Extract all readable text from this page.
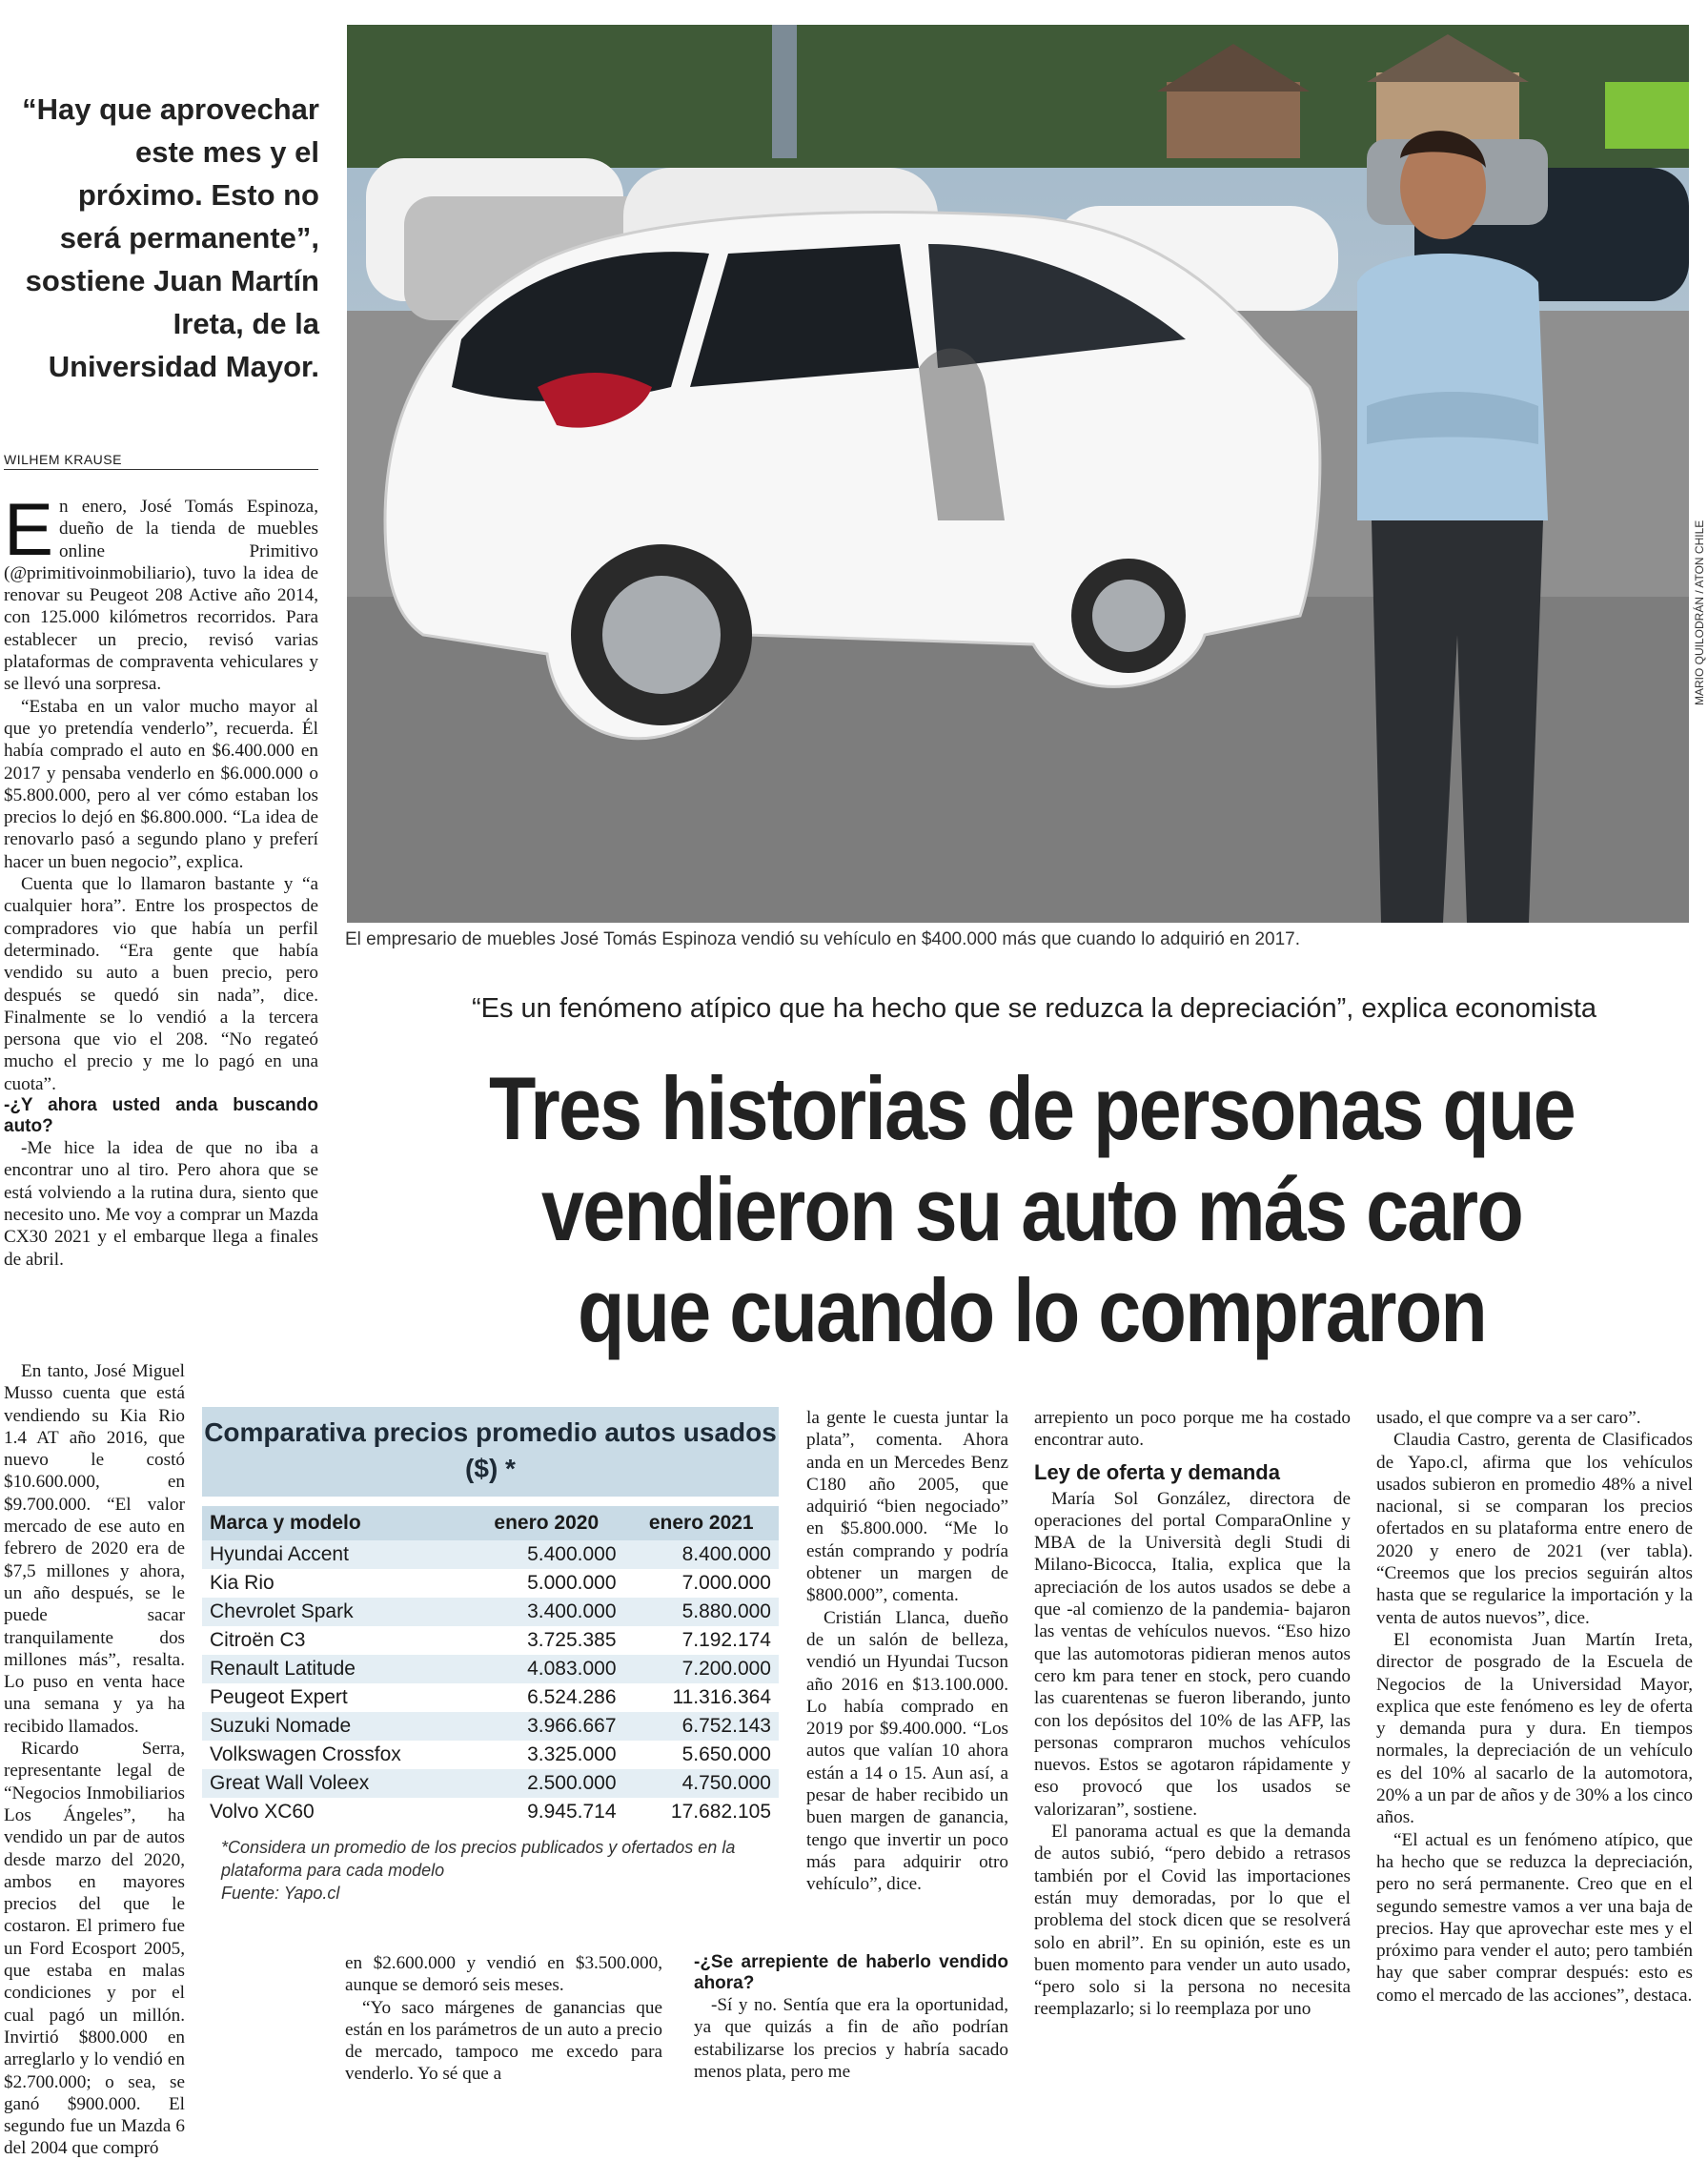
“Hay que aprovechar este mes y el próximo. Esto no será permanente”, sostiene Juan Martín Ireta, de la Universidad Mayor.
WILHEM KRAUSE
E n enero, José Tomás Espinoza, dueño de la tienda de muebles online Primitivo (@primitivoinmobiliario), tuvo la idea de renovar su Peugeot 208 Active año 2014, con 125.000 kilómetros recorridos. Para establecer un precio, revisó varias plataformas de compraventa vehiculares y se llevó una sorpresa.

“Estaba en un valor mucho mayor al que yo pretendía venderlo”, recuerda. Él había comprado el auto en $6.400.000 en 2017 y pensaba venderlo en $6.000.000 o $5.800.000, pero al ver cómo estaban los precios lo dejó en $6.800.000. “La idea de renovarlo pasó a segundo plano y preferí hacer un buen negocio”, explica.

Cuenta que lo llamaron bastante y “a cualquier hora”. Entre los prospectos de compradores vio que había un perfil determinado. “Era gente que había vendido su auto a buen precio, pero después se quedó sin nada”, dice. Finalmente se lo vendió a la tercera persona que vio el 208. “No regateó mucho el precio y me lo pagó en una cuota”.

-¿Y ahora usted anda buscando auto?

-Me hice la idea de que no iba a encontrar uno al tiro. Pero ahora que se está volviendo a la rutina dura, siento que necesito uno. Me voy a comprar un Mazda CX30 2021 y el embarque llega a finales de abril.

En tanto, José Miguel Musso cuenta que está vendiendo su Kia Rio 1.4 AT año 2016, que nuevo le costó $10.600.000, en $9.700.000. “El valor mercado de ese auto en febrero de 2020 era de $7,5 millones y ahora, un año después, se le puede sacar tranquilamente dos millones más”, resalta. Lo puso en venta hace una semana y ya ha recibido llamados.

Ricardo Serra, representante legal de “Negocios Inmobiliarios Los Ángeles”, ha vendido un par de autos desde marzo del 2020, ambos en mayores precios del que le costaron. El primero fue un Ford Ecosport 2005, que estaba en malas condiciones y por el cual pagó un millón. Invirtió $800.000 en arreglarlo y lo vendió en $2.700.000; o sea, se ganó $900.000. El segundo fue un Mazda 6 del 2004 que compró

El empresario de muebles José Tomás Espinoza vendió su vehículo en $400.000 más que cuando lo adquirió en 2017.
MARIO QUILODRÁN / ATON CHILE
“Es un fenómeno atípico que ha hecho que se reduzca la depreciación”, explica economista
Tres historias de personas que vendieron su auto más caro que cuando lo compraron
Comparativa precios promedio autos usados ($) *
Marca y modelo	enero 2020	enero 2021
Hyundai Accent	5.400.000	8.400.000
Kia Rio	5.000.000	7.000.000
Chevrolet Spark	3.400.000	5.880.000
Citroën C3	3.725.385	7.192.174
Renault Latitude	4.083.000	7.200.000
Peugeot Expert	6.524.286	11.316.364
Suzuki Nomade	3.966.667	6.752.143
Volkswagen Crossfox	3.325.000	5.650.000
Great Wall Voleex	2.500.000	4.750.000
Volvo XC60	9.945.714	17.682.105
*Considera un promedio de los precios publicados y ofertados en la plataforma para cada modelo
Fuente: Yapo.cl

en $2.600.000 y vendió en $3.500.000, aunque se demoró seis meses.

“Yo saco márgenes de ganancias que están en los parámetros de un auto a precio de mercado, tampoco me excedo para venderlo. Yo sé que a

la gente le cuesta juntar la plata”, comenta. Ahora anda en un Mercedes Benz C180 año 2005, que adquirió “bien negociado” en $5.800.000. “Me lo están comprando y podría obtener un margen de $800.000”, comenta.

Cristián Llanca, dueño de un salón de belleza, vendió un Hyundai Tucson año 2016 en $13.100.000. Lo había comprado en 2019 por $9.400.000. “Los autos que valían 10 ahora están a 14 o 15. Aun así, a pesar de haber recibido un buen margen de ganancia, tengo que invertir un poco más para adquirir otro vehículo”, dice.

-¿Se arrepiente de haberlo vendido ahora?

-Sí y no. Sentía que era la oportunidad, ya que quizás a fin de año podrían estabilizarse los precios y habría sacado menos plata, pero me

arrepiento un poco porque me ha costado encontrar auto.

Ley de oferta y demanda

María Sol González, directora de operaciones del portal ComparaOnline y MBA de la Università degli Studi di Milano-Bicocca, Italia, explica que la apreciación de los autos usados se debe a que -al comienzo de la pandemia- bajaron las ventas de vehículos nuevos. “Eso hizo que las automotoras pidieran menos autos cero km para tener en stock, pero cuando las cuarentenas se fueron liberando, junto con los depósitos del 10% de las AFP, las personas compraron muchos vehículos nuevos. Estos se agotaron rápidamente y eso provocó que los usados se valorizaran”, sostiene.

El panorama actual es que la demanda de autos subió, “pero debido a retrasos también por el Covid las importaciones están muy demoradas, por lo que el problema del stock dicen que se resolverá solo en abril”. En su opinión, este es un buen momento para vender un auto usado, “pero solo si la persona no necesita reemplazarlo; si lo reemplaza por uno

usado, el que compre va a ser caro”.

Claudia Castro, gerenta de Clasificados de Yapo.cl, afirma que los vehículos usados subieron en promedio 48% a nivel nacional, si se comparan los precios ofertados en su plataforma entre enero de 2020 y enero de 2021 (ver tabla). “Creemos que los precios seguirán altos hasta que se regularice la importación y la venta de autos nuevos”, dice.

El economista Juan Martín Ireta, director de posgrado de la Escuela de Negocios de la Universidad Mayor, explica que este fenómeno es ley de oferta y demanda pura y dura. En tiempos normales, la depreciación de un vehículo es del 10% al sacarlo de la automotora, 20% a un par de años y de 30% a los cinco años.

“El actual es un fenómeno atípico, que ha hecho que se reduzca la depreciación, pero no será permanente. Creo que en el segundo semestre vamos a ver una baja de precios. Hay que aprovechar este mes y el próximo para vender el auto; pero también hay que saber comprar después: esto es como el mercado de las acciones”, destaca.
